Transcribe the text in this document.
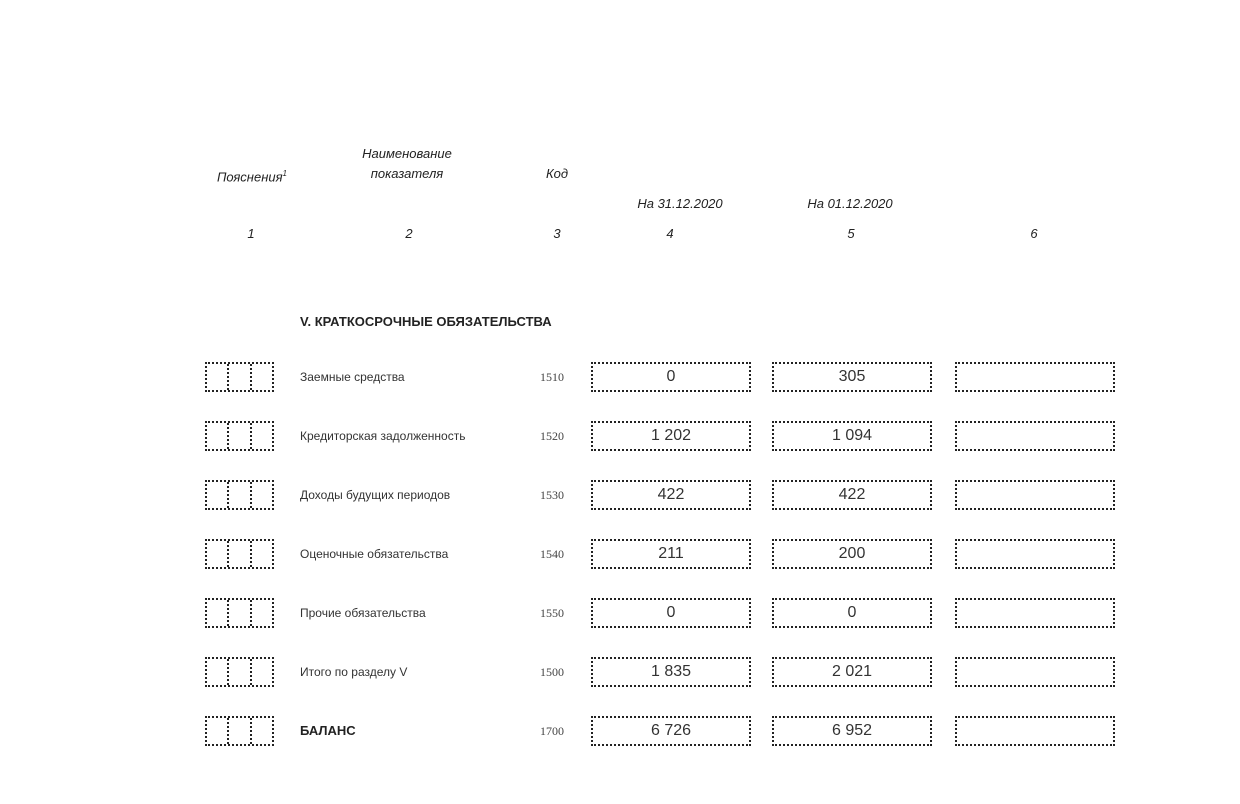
Пояснения$^1$
Наименование
показателя	Код
На 31.12.2020	На 01.12.2020
1	2	3	4	5	6
V. КРАТКОСРОЧНЫЕ ОБЯЗАТЕЛЬСТВА
Заемные средства	1510	0	305
Кредиторская задолженность	1520	1 202	1 094
Доходы будущих периодов	1530	422	422
Оценочные обязательства	1540	211	200
Прочие обязательства	1550	0	0
Итого по разделу V	1500	1 835	2 021
БАЛАНС	1700	6 726	6 952
